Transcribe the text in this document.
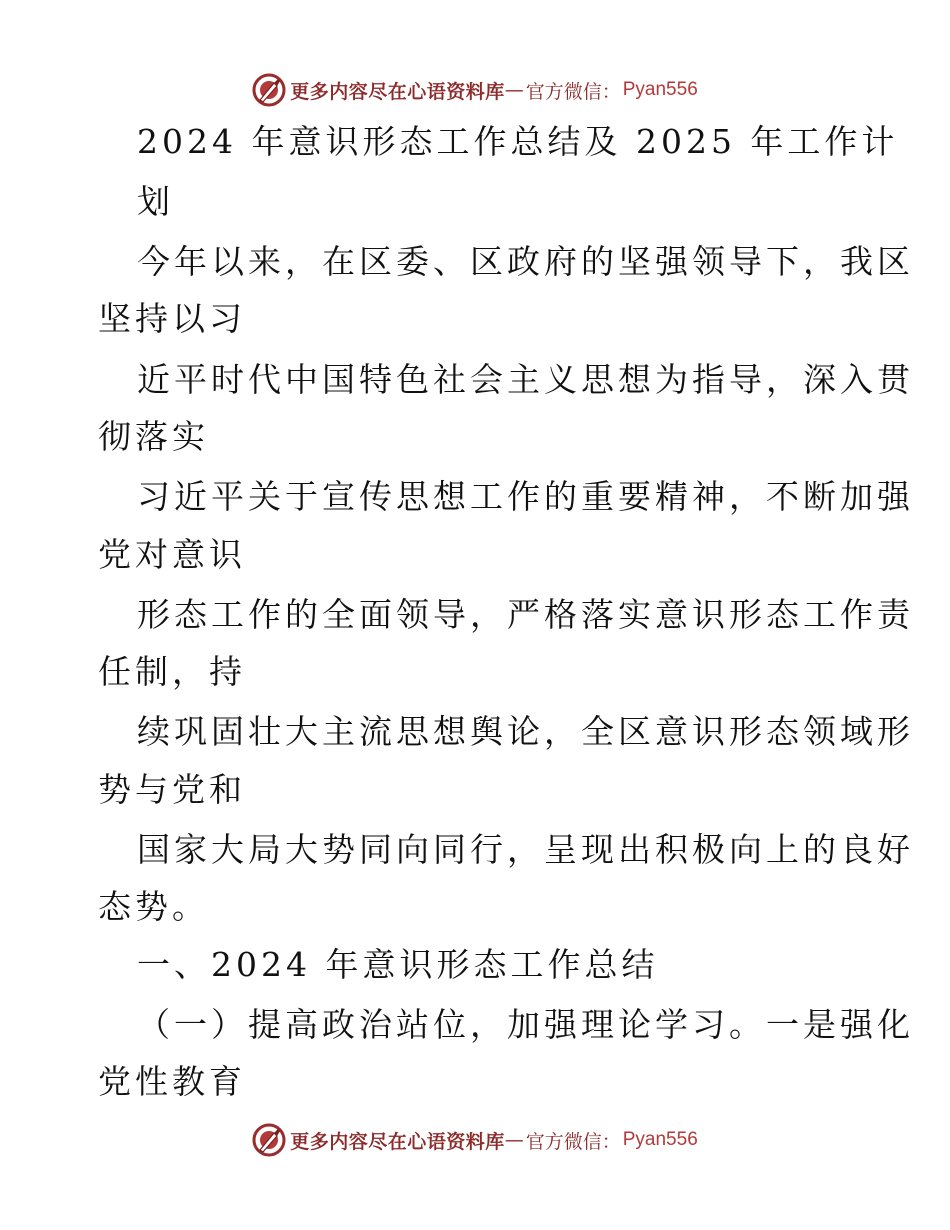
更多内容尽在心语资料库 — 官方微信： Pyan556
2024 年意识形态工作总结及 2025 年工作计
划
今年以来，在区委、区政府的坚强领导下，我区
坚持以习
近平时代中国特色社会主义思想为指导，深入贯
彻落实
习近平关于宣传思想工作的重要精神，不断加强
党对意识
形态工作的全面领导，严格落实意识形态工作责
任制，持
续巩固壮大主流思想舆论，全区意识形态领域形
势与党和
国家大局大势同向同行，呈现出积极向上的良好
态势。
一、2024 年意识形态工作总结
（一）提高政治站位，加强理论学习。一是强化
党性教育
更多内容尽在心语资料库 — 官方微信： Pyan556
